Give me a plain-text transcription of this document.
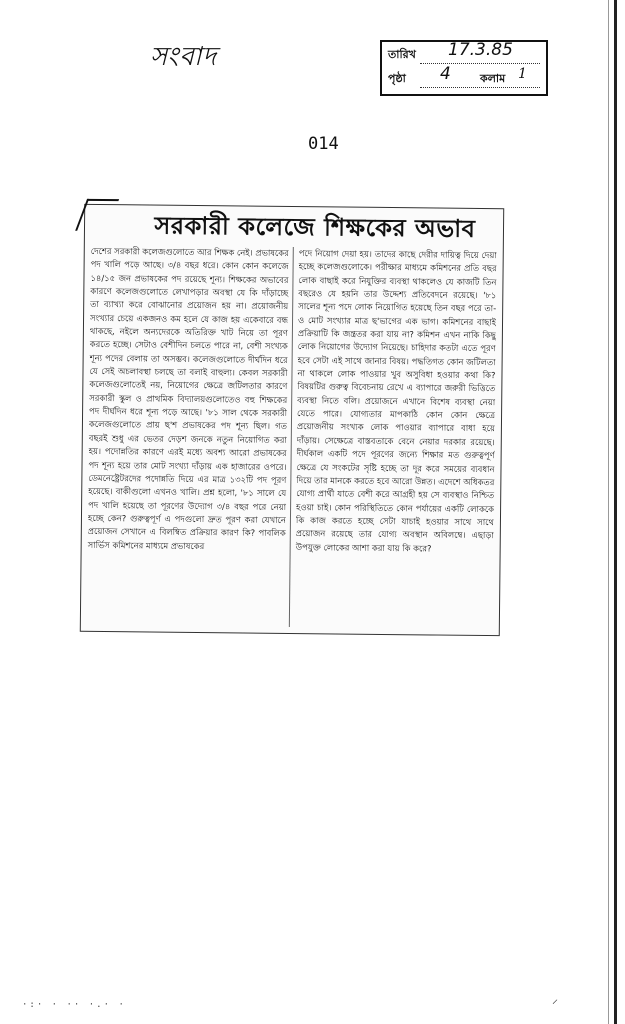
সংবাদ	তারিখ 17.3.85
পৃষ্ঠা 4	কলাম 1
014
সরকারী কলেজে শিক্ষকের অভাব
দেশের সরকারী কলেজগুলোতে আর শিক্ষক নেই। প্রভাষকের পদ খালি পড়ে আছে। ৩/৪ বছর ধরে। কোন কোন কলেজে ১৪/১৫ জন প্রভাষকের পদ রয়েছে শূন্য। শিক্ষকের অভাবের কারণে কলেজগুলোতে লেখাপড়ার অবস্থা যে কি দাঁড়াচ্ছে তা ব্যাখ্যা করে বোঝানোর প্রয়োজন হয় না। প্রয়োজনীয় সংখ্যার চেয়ে একজনও কম হলে যে কাজ হয় একেবারে বন্ধ থাকছে, নইলে অন্যদেরকে অতিরিক্ত খাট নিয়ে তা পূরণ করতে হচ্ছে। সেটাও বেশীদিন চলতে পারে না, বেশী সংখ্যক শূন্য পদের বেলায় তা অসম্ভব। কলেজগুলোতে দীর্ঘদিন ধরে যে সেই অচলাবস্থা চলছে তা বলাই বাহুল্য। কেবল সরকারী কলেজগুলোতেই নয়, নিয়োগের ক্ষেত্রে জটিলতার কারণে সরকারী স্কুল ও প্রাথমিক বিদ্যালয়গুলোতেও বহু শিক্ষকের পদ দীর্ঘদিন ধরে শূন্য পড়ে আছে। '৮১ সাল থেকে সরকারী কলেজগুলোতে প্রায় ছ'শ প্রভাষকের পদ শূন্য ছিল। গত বছরই শুধু এর ভেতর দেড়শ জনকে নতুন নিয়োগিত করা হয়। পদোন্নতির কারণে এরই মধ্যে অবশ্য আরো প্রভাষকের পদ শূন্য হয়ে তার মোট সংখ্যা দাঁড়ায় এক হাজারের ওপরে। ডেমনেষ্ট্রেটরদের পদোন্নতি দিয়ে এর মাত্র ১৩২টি পদ পূরণ হয়েছে। বাকীগুলো এখনও খালি। প্রশ্ন হলো, '৮১ সালে যে পদ খালি হয়েছে তা পূরণের উদ্যোগ ৩/৪ বছর পরে নেয়া হচ্ছে কেন? গুরুত্বপূর্ণ এ পদগুলো দ্রুত পূরণ করা যেখানে প্রয়োজন সেখানে এ বিলম্বিত প্রক্রিয়ার কারণ কি? পাবলিক সার্ভিস কমিশনের মাধ্যমে প্রভাষকের
পদে নিয়োগ দেয়া হয়। তাদের কাছে দেরীর দায়িত্ব দিয়ে দেয়া হচ্ছে কলেজগুলোকে। পরীক্ষার মাধ্যমে কমিশনের প্রতি বছর লোক বাছাই করে নিযুক্তির ব্যবস্থা থাকলেও যে কাজটি তিন বছরেও যে হয়নি তার উদ্দেশ্য প্রতিবেদনে রয়েছে। '৮১ সালের শূন্য পদে লোক নিয়োগিত হয়েছে তিন বছর পরে তা-ও মোট সংখ্যার মাত্র ছ'ভাগের এক ভাগ। কমিশনের বাছাই প্রক্রিয়াটি কি জন্ত্রতর করা যায় না? কমিশন এখন নাকি কিছু লোক নিয়োগের উদ্যোগ নিয়েছে। চাহিদার কতটা এতে পূরণ হবে সেটা এই সাথে জানার বিষয়। পদ্ধতিগত কোন জটিলতা না থাকলে লোক পাওয়ার খুব অসুবিধা হওয়ার কথা কি? বিষয়টির গুরুত্ব বিবেচনায় রেখে এ ব্যাপারে জরুরী ভিত্তিতে ব্যবস্থা নিতে বলি। প্রয়োজনে এখানে বিশেষ ব্যবস্থা নেয়া যেতে পারে। যোগ্যতার মাপকাঠি কোন কোন ক্ষেত্রে প্রয়োজনীয় সংখ্যক লোক পাওয়ার ব্যাপারে বাধা হয়ে দাঁড়ায়। সেক্ষেত্রে বাস্তবতাকে বেনে নেয়ার দরকার রয়েছে। দীর্ঘকাল একটি পদে পূরণের জন্যে শিক্ষার মত গুরুত্বপূর্ণ ক্ষেত্রে যে সংকটের সৃষ্টি হচ্ছে তা দূর করে সময়ের ব্যবধান দিয়ে তার মানকে করতে হবে আরো উন্নত। এদেশে অধিকতর যোগ্য প্রার্থী যাতে বেশী করে আগ্রহী হয় সে ব্যবস্থাও নিশ্চিত হওয়া চাই। কোন পরিস্থিতিতে কোন পর্যায়ের একটি লোককে কি কাজ করতে হচ্ছে সেটা যাচাই হওয়ার সাথে সাথে প্রয়োজন রয়েছে তার যোগ্য অবস্থান অবিলম্বে। এছাড়া উপযুক্ত লোকের আশা করা যায় কি করে?
·:· · ·· ·.· ·	⸝
